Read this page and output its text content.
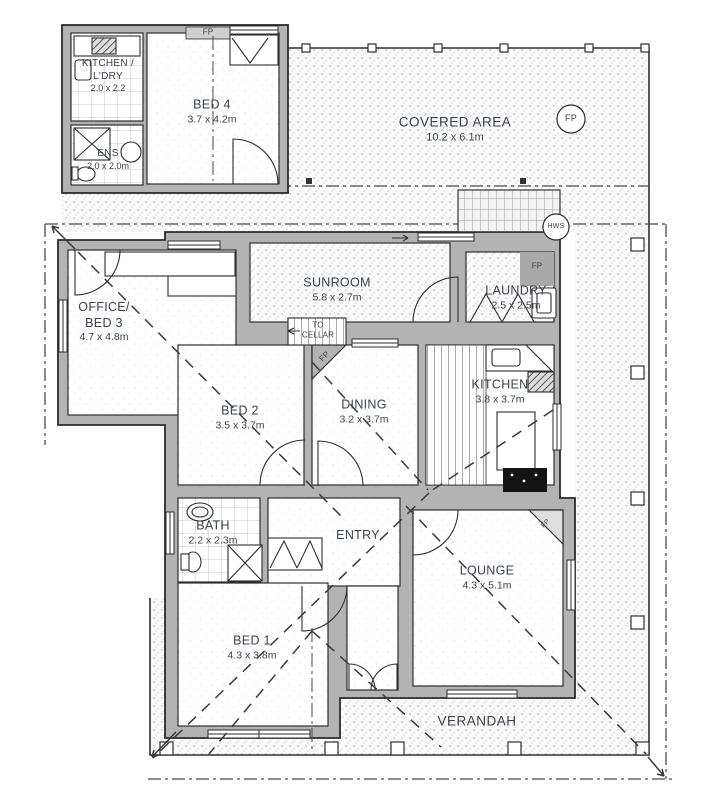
COVERED AREA
10.2 x 6.1m
KITCHEN /
L'DRY
2.0 x 2.2
ENS
2.0 x 2.0m
BED 4
3.7 x 4.2m
OFFICE/
BED 3
4.7 x 4.8m
SUNROOM
5.8 x 2.7m	LAUNDRY
2.5 x 2.5m
BED 2
3.5 x 3.7m
DINING
3.2 x 3.7m
KITCHEN
3.8 x 3.7m
BATH
2.2 x 2.3m	ENTRY
LOUNGE
4.3 x 5.1m
BED 1
4.3 x 3.8m
VERANDAH
FP
FP
FP
FP
FP
HWS
TO
CELLAR
